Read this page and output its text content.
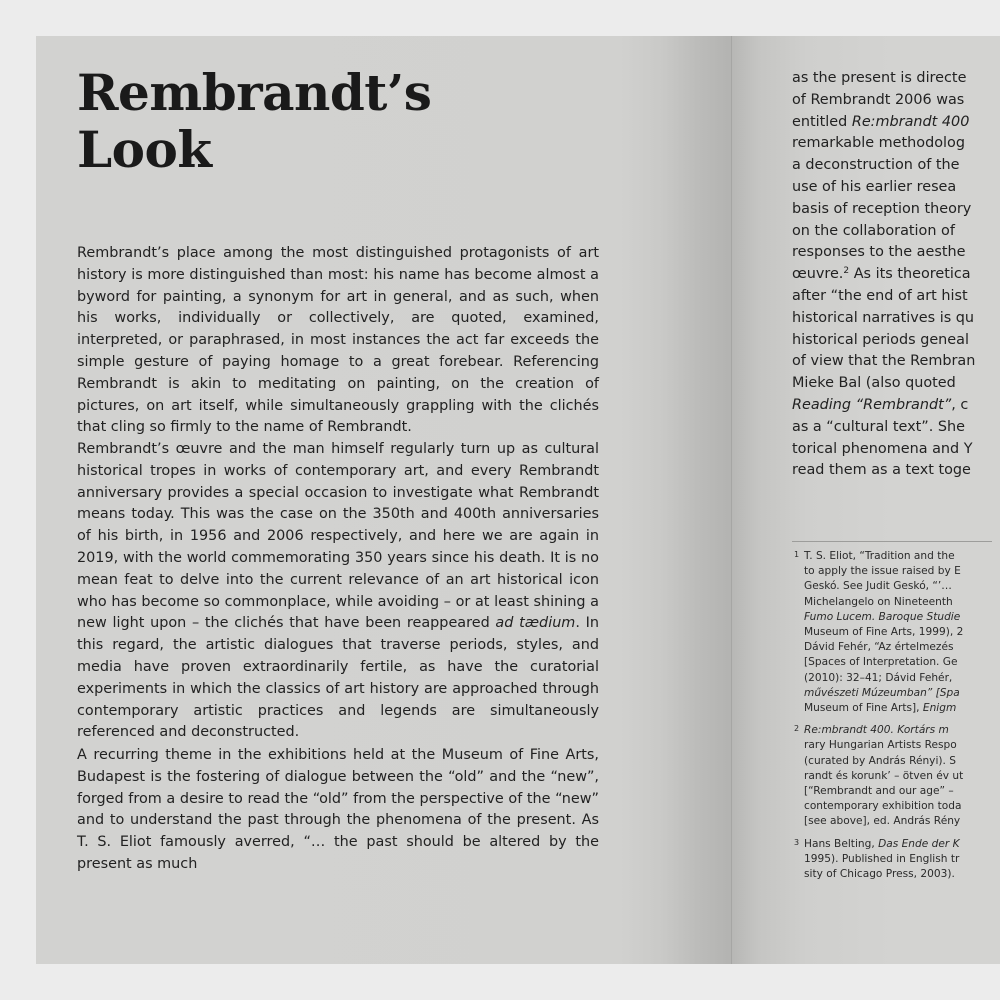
Rembrandt’s
Look

Rembrandt’s place among the most distinguished protagonists of art history is more distinguished than most: his name has become almost a byword for painting, a synonym for art in general, and as such, when his works, individually or collectively, are quoted, examined, interpreted, or paraphrased, in most instances the act far exceeds the simple gesture of paying homage to a great forebear. Referencing Rembrandt is akin to meditating on painting, on the creation of pictures, on art itself, while simultaneously grappling with the clichés that cling so firmly to the name of Rembrandt.

Rembrandt’s œuvre and the man himself regularly turn up as cultural historical tropes in works of contemporary art, and every Rembrandt anniversary provides a special occasion to investigate what Rembrandt means today. This was the case on the 350th and 400th anniversaries of his birth, in 1956 and 2006 respectively, and here we are again in 2019, with the world commemorating 350 years since his death. It is no mean feat to delve into the current relevance of an art historical icon who has become so commonplace, while avoiding – or at least shining a new light upon – the clichés that have been reappeared ad tædium. In this regard, the artistic dialogues that traverse periods, styles, and media have proven extraordinarily fertile, as have the curatorial experiments in which the classics of art history are approached through contemporary artistic practices and legends are simultaneously referenced and deconstructed.

A recurring theme in the exhibitions held at the Museum of Fine Arts, Budapest is the fostering of dialogue between the “old” and the “new”, forged from a desire to read the “old” from the perspective of the “new” and to understand the past through the phenomena of the present. As T. S. Eliot famously averred, “… the past should be altered by the present as much

as the present is directe
of Rembrandt 2006 was
entitled Re:mbrandt 400
remarkable methodolog
a deconstruction of the
use of his earlier resea
basis of reception theory
on the collaboration of
responses to the aesthe
œuvre.$^2$ As its theoretica
after “the end of art hist
historical narratives is qu
historical periods geneal
of view that the Rembran
Mieke Bal (also quoted
Reading “Rembrandt”, c
as a “cultural text”. She
torical phenomena and Y
read them as a text toge
1 T. S. Eliot, “Tradition and the
to apply the issue raised by E
Geskó. See Judit Geskó, “’…
Michelangelo on Nineteenth
Fumo Lucem. Baroque Studie
Museum of Fine Arts, 1999), 2
Dávid Fehér, “Az értelmezés
[Spaces of Interpretation. Ge
(2010): 32–41; Dávid Fehér,
művészeti Múzeumban” [Spa
Museum of Fine Arts], Enigm
2 Re:mbrandt 400. Kortárs m
rary Hungarian Artists Respo
(curated by András Rényi). S
randt és korunk’ – ötven év ut
[“Rembrandt and our age” –
contemporary exhibition toda
[see above], ed. András Rény
3 Hans Belting, Das Ende der K
1995). Published in English tr
sity of Chicago Press, 2003).
